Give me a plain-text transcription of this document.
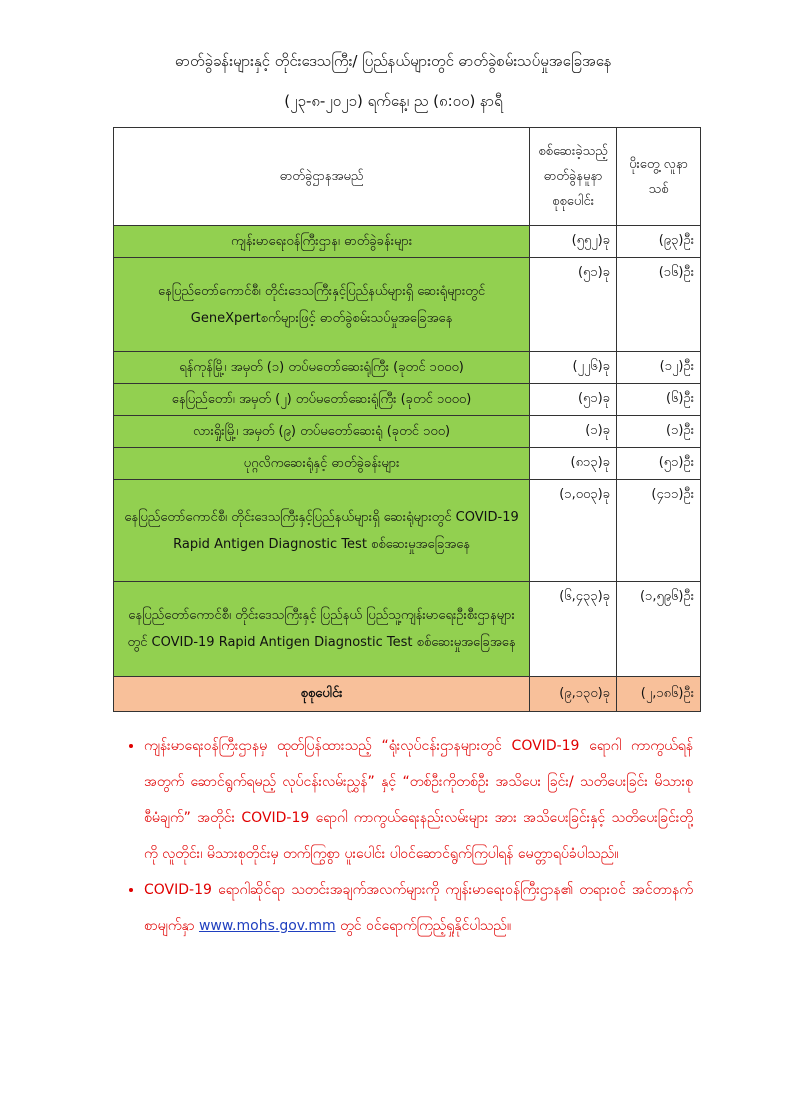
ဓာတ်ခွဲခန်းများနှင့် တိုင်းဒေသကြီး/ ပြည်နယ်များတွင် ဓာတ်ခွဲစမ်းသပ်မှုအခြေအနေ
(၂၃-၈-၂၀၂၁) ရက်နေ့၊ ည (၈:၀၀) နာရီ
ဓာတ်ခွဲဌာနအမည်	စစ်ဆေးခဲ့သည့် ဓာတ်ခွဲနမူနာ စုစုပေါင်း	ပိုးတွေ့ လူနာသစ်
ကျန်းမာရေးဝန်ကြီးဌာန၊ ဓာတ်ခွဲခန်းများ	(၅၅၂)ခု	(၉၃)ဦး
နေပြည်တော်ကောင်စီ၊ တိုင်းဒေသကြီးနှင့်ပြည်နယ်များရှိ ဆေးရုံများတွင် GeneXpertစက်များဖြင့် ဓာတ်ခွဲစမ်းသပ်မှုအခြေအနေ	(၅၁)ခု	(၁၆)ဦး
ရန်ကုန်မြို့၊ အမှတ် (၁) တပ်မတော်ဆေးရုံကြီး (ခုတင် ၁၀၀၀)	(၂၂၆)ခု	(၁၂)ဦး
နေပြည်တော်၊ အမှတ် (၂) တပ်မတော်ဆေးရုံကြီး (ခုတင် ၁၀၀၀)	(၅၁)ခု	(၆)ဦး
လားရှိုးမြို့၊ အမှတ် (၉) တပ်မတော်ဆေးရုံ (ခုတင် ၁၀၀)	(၁)ခု	(၁)ဦး
ပုဂ္ဂလိကဆေးရုံနှင့် ဓာတ်ခွဲခန်းများ	(၈၁၃)ခု	(၅၁)ဦး
နေပြည်တော်ကောင်စီ၊ တိုင်းဒေသကြီးနှင့်ပြည်နယ်များရှိ ဆေးရုံများတွင် COVID-19 Rapid Antigen Diagnostic Test စစ်ဆေးမှုအခြေအနေ	(၁,၀၀၃)ခု	(၄၁၁)ဦး
နေပြည်တော်ကောင်စီ၊ တိုင်းဒေသကြီးနှင့် ပြည်နယ် ပြည်သူ့ကျန်းမာရေးဦးစီးဌာနများတွင် COVID-19 Rapid Antigen Diagnostic Test စစ်ဆေးမှုအခြေအနေ	(၆,၄၃၃)ခု	(၁,၅၉၆)ဦး
စုစုပေါင်း	(၉,၁၃၀)ခု	(၂,၁၈၆)ဦး
• ကျန်းမာရေးဝန်ကြီးဌာနမှ ထုတ်ပြန်ထားသည့် “ရုံးလုပ်ငန်းဌာနများတွင် COVID-19 ရောဂါ ကာကွယ်ရန်အတွက် ဆောင်ရွက်ရမည့် လုပ်ငန်းလမ်းညွှန်” နှင့် “တစ်ဦးကိုတစ်ဦး အသိပေး ခြင်း/ သတိပေးခြင်း မိသားစုစီမံချက်” အတိုင်း COVID-19 ရောဂါ ကာကွယ်ရေးနည်းလမ်းများ အား အသိပေးခြင်းနှင့် သတိပေးခြင်းတို့ကို လူတိုင်း၊ မိသားစုတိုင်းမှ တက်ကြွစွာ ပူးပေါင်း ပါဝင်ဆောင်ရွက်ကြပါရန် မေတ္တာရပ်ခံပါသည်။
• COVID-19 ရောဂါဆိုင်ရာ သတင်းအချက်အလက်များကို ကျန်းမာရေးဝန်ကြီးဌာန၏ တရားဝင် အင်တာနက်စာမျက်နှာ www.mohs.gov.mm တွင် ဝင်ရောက်ကြည့်ရှုနိုင်ပါသည်။
